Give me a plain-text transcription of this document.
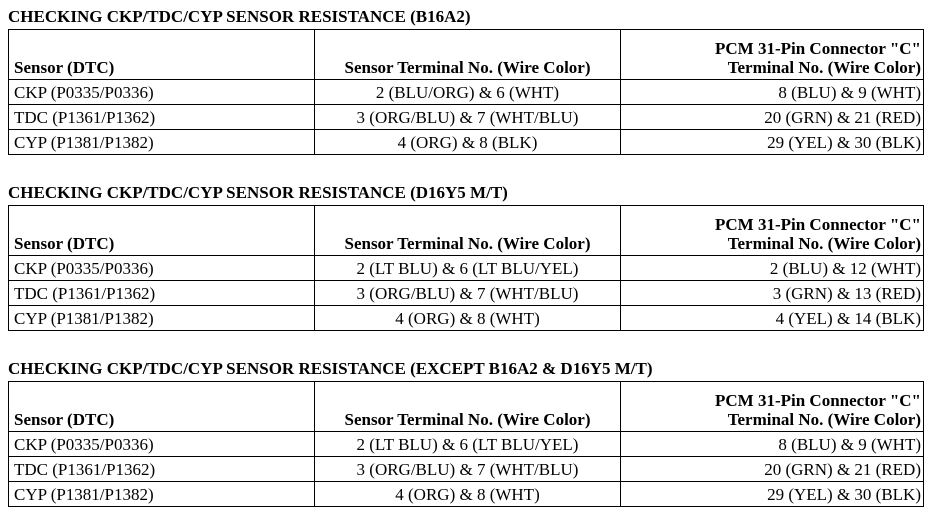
CHECKING CKP/TDC/CYP SENSOR RESISTANCE (B16A2)
Sensor (DTC)	Sensor Terminal No. (Wire Color)	PCM 31-Pin Connector "C"
Terminal No. (Wire Color)

CKP (P0335/P0336)	2 (BLU/ORG) & 6 (WHT)	8 (BLU) & 9 (WHT)
TDC (P1361/P1362)	3 (ORG/BLU) & 7 (WHT/BLU)	20 (GRN) & 21 (RED)
CYP (P1381/P1382)	4 (ORG) & 8 (BLK)	29 (YEL) & 30 (BLK)
CHECKING CKP/TDC/CYP SENSOR RESISTANCE (D16Y5 M/T)
Sensor (DTC)	Sensor Terminal No. (Wire Color)	PCM 31-Pin Connector "C"
Terminal No. (Wire Color)

CKP (P0335/P0336)	2 (LT BLU) & 6 (LT BLU/YEL)	2 (BLU) & 12 (WHT)
TDC (P1361/P1362)	3 (ORG/BLU) & 7 (WHT/BLU)	3 (GRN) & 13 (RED)
CYP (P1381/P1382)	4 (ORG) & 8 (WHT)	4 (YEL) & 14 (BLK)
CHECKING CKP/TDC/CYP SENSOR RESISTANCE (EXCEPT B16A2 & D16Y5 M/T)
Sensor (DTC)	Sensor Terminal No. (Wire Color)	PCM 31-Pin Connector "C"
Terminal No. (Wire Color)

CKP (P0335/P0336)	2 (LT BLU) & 6 (LT BLU/YEL)	8 (BLU) & 9 (WHT)
TDC (P1361/P1362)	3 (ORG/BLU) & 7 (WHT/BLU)	20 (GRN) & 21 (RED)
CYP (P1381/P1382)	4 (ORG) & 8 (WHT)	29 (YEL) & 30 (BLK)
